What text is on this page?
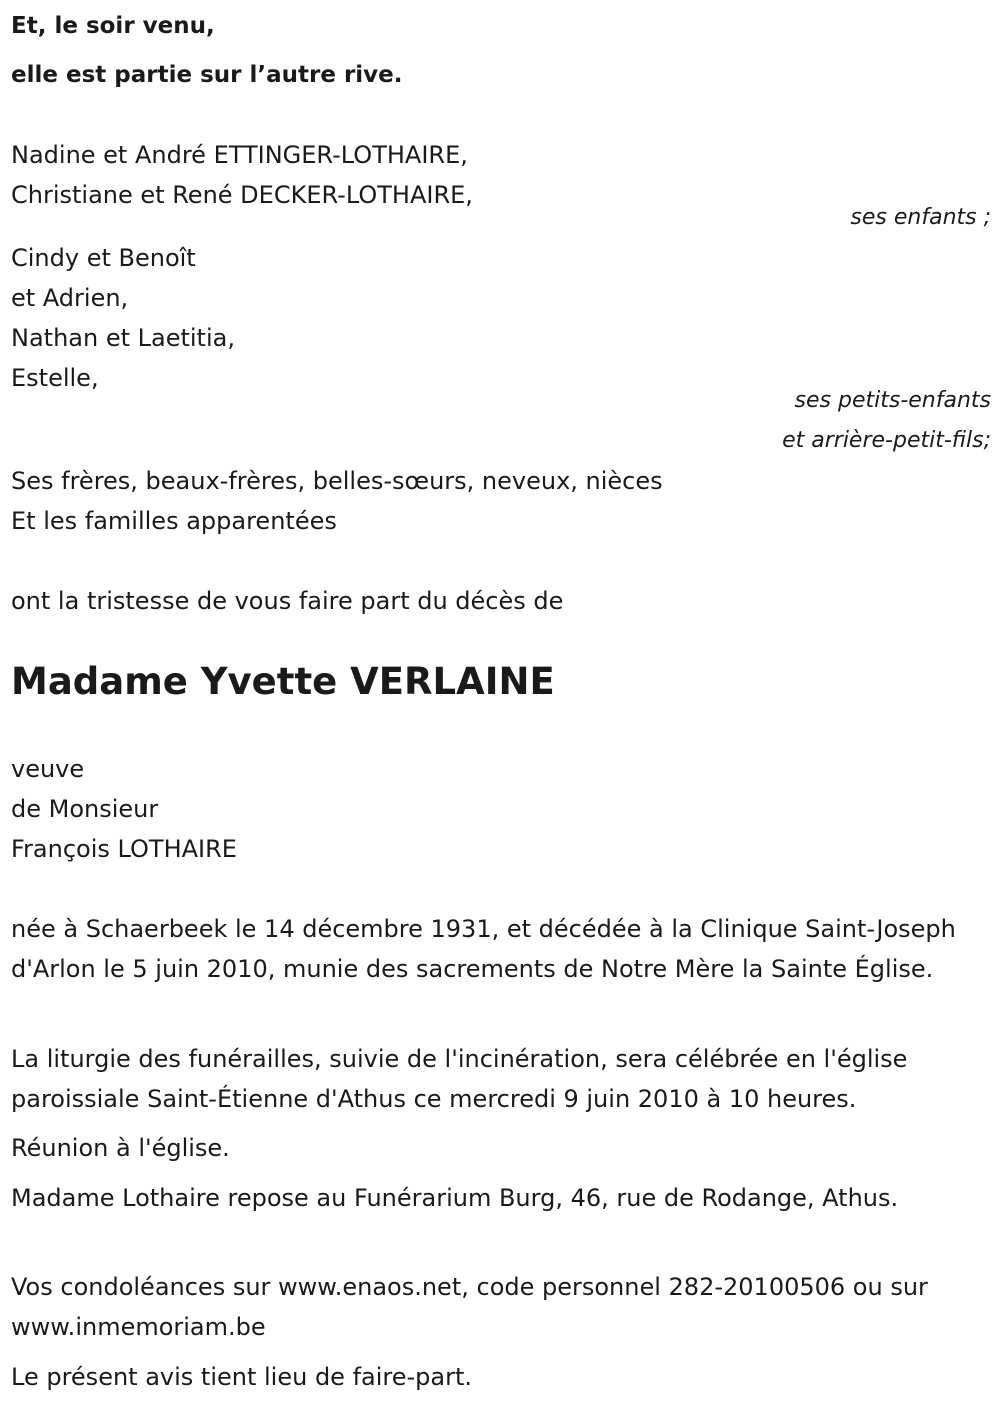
Et, le soir venu,
elle est partie sur l’autre rive.
Nadine et André ETTINGER-LOTHAIRE,
Christiane et René DECKER-LOTHAIRE,
ses enfants ;
Cindy et Benoît
et Adrien,
Nathan et Laetitia,
Estelle,
ses petits-enfants
et arrière-petit-fils;
Ses frères, beaux-frères, belles-sœurs, neveux, nièces
Et les familles apparentées
ont la tristesse de vous faire part du décès de
Madame Yvette VERLAINE
veuve
de Monsieur
François LOTHAIRE
née à Schaerbeek le 14 décembre 1931, et décédée à la Clinique Saint-Joseph d'Arlon le 5 juin 2010, munie des sacrements de Notre Mère la Sainte Église.
La liturgie des funérailles, suivie de l'incinération, sera célébrée en l'église paroissiale Saint-Étienne d'Athus ce mercredi 9 juin 2010 à 10 heures.
Réunion à l'église.
Madame Lothaire repose au Funérarium Burg, 46, rue de Rodange, Athus.
Vos condoléances sur www.enaos.net, code personnel 282-20100506 ou sur www.inmemoriam.be
Le présent avis tient lieu de faire-part.
